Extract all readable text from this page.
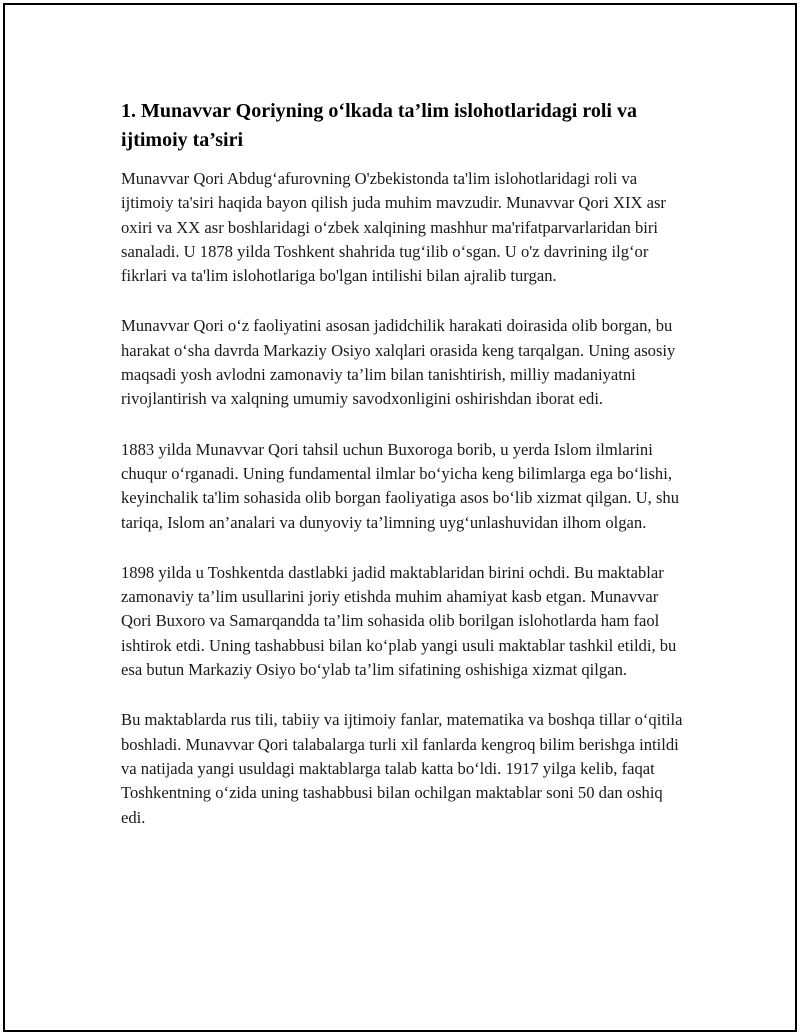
1. Munavvar Qoriyning o‘lkada ta’lim islohotlaridagi roli va ijtimoiy ta’siri

Munavvar Qori Abdug‘afurovning O'zbekistonda ta'lim islohotlaridagi roli va ijtimoiy ta'siri haqida bayon qilish juda muhim mavzudir. Munavvar Qori XIX asr oxiri va XX asr boshlaridagi o‘zbek xalqining mashhur ma'rifatparvarlaridan biri sanaladi. U 1878 yilda Toshkent shahrida tug‘ilib o‘sgan. U o'z davrining ilg‘or fikrlari va ta'lim islohotlariga bo'lgan intilishi bilan ajralib turgan.

Munavvar Qori o‘z faoliyatini asosan jadidchilik harakati doirasida olib borgan, bu harakat o‘sha davrda Markaziy Osiyo xalqlari orasida keng tarqalgan. Uning asosiy maqsadi yosh avlodni zamonaviy ta’lim bilan tanishtirish, milliy madaniyatni rivojlantirish va xalqning umumiy savodxonligini oshirishdan iborat edi.

1883 yilda Munavvar Qori tahsil uchun Buxoroga borib, u yerda Islom ilmlarini chuqur o‘rganadi. Uning fundamental ilmlar bo‘yicha keng bilimlarga ega bo‘lishi, keyinchalik ta'lim sohasida olib borgan faoliyatiga asos bo‘lib xizmat qilgan. U, shu tariqa, Islom an’analari va dunyoviy ta’limning uyg‘unlashuvidan ilhom olgan.

1898 yilda u Toshkentda dastlabki jadid maktablaridan birini ochdi. Bu maktablar zamonaviy ta’lim usullarini joriy etishda muhim ahamiyat kasb etgan. Munavvar Qori Buxoro va Samarqandda ta’lim sohasida olib borilgan islohotlarda ham faol ishtirok etdi. Uning tashabbusi bilan ko‘plab yangi usuli maktablar tashkil etildi, bu esa butun Markaziy Osiyo bo‘ylab ta’lim sifatining oshishiga xizmat qilgan.

Bu maktablarda rus tili, tabiiy va ijtimoiy fanlar, matematika va boshqa tillar o‘qitila boshladi. Munavvar Qori talabalarga turli xil fanlarda kengroq bilim berishga intildi va natijada yangi usuldagi maktablarga talab katta bo‘ldi. 1917 yilga kelib, faqat Toshkentning o‘zida uning tashabbusi bilan ochilgan maktablar soni 50 dan oshiq edi.
